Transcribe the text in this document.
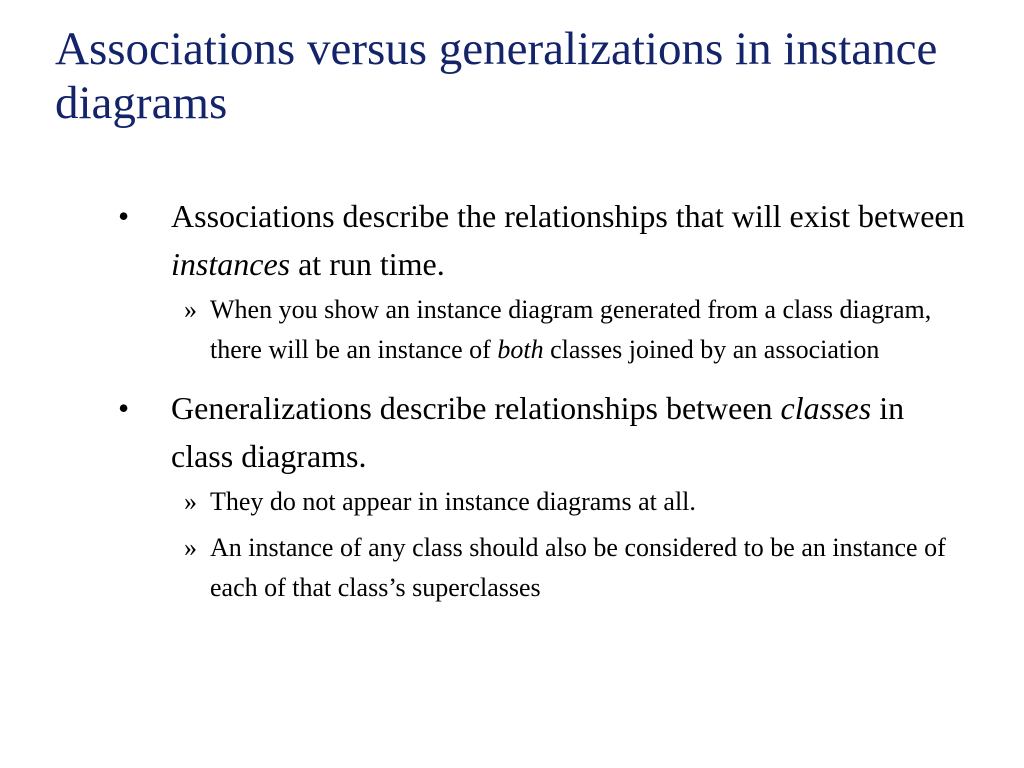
Associations versus generalizations in instance diagrams
• Associations describe the relationships that will exist between instances at run time.
» When you show an instance diagram generated from a class diagram, there will be an instance of both classes joined by an association
• Generalizations describe relationships between classes in class diagrams.
» They do not appear in instance diagrams at all.
» An instance of any class should also be considered to be an instance of each of that class’s superclasses
